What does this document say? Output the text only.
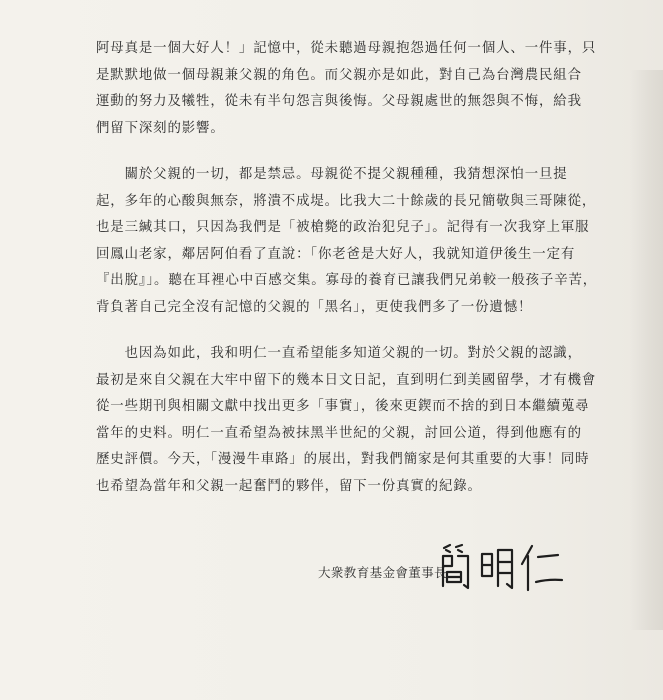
阿母真是一個大好人！」記憶中，從未聽過母親抱怨過任何一個人、一件事，只
是默默地做一個母親兼父親的角色。而父親亦是如此，對自己為台灣農民組合
運動的努力及犧牲，從未有半句怨言與後悔。父母親處世的無怨與不悔，給我
們留下深刻的影響。
　　關於父親的一切，都是禁忌。母親從不提父親種種，我猜想深怕一旦提
起，多年的心酸與無奈，將潰不成堤。比我大二十餘歲的長兄簡敬與三哥陳從，
也是三緘其口，只因為我們是「被槍斃的政治犯兒子」。記得有一次我穿上軍服
回鳳山老家，鄰居阿伯看了直說：「你老爸是大好人，我就知道伊後生一定有
『出脫』」。聽在耳裡心中百感交集。寡母的養育已讓我們兄弟較一般孩子辛苦，
背負著自己完全沒有記憶的父親的「黑名」，更使我們多了一份遺憾！
　　也因為如此，我和明仁一直希望能多知道父親的一切。對於父親的認識，
最初是來自父親在大牢中留下的幾本日文日記，直到明仁到美國留學，才有機會
從一些期刊與相關文獻中找出更多「事實」，後來更鍥而不捨的到日本繼續蒐尋
當年的史料。明仁一直希望為被抹黑半世紀的父親，討回公道，得到他應有的
歷史評價。今天，「漫漫牛車路」的展出，對我們簡家是何其重要的大事！同時
也希望為當年和父親一起奮鬥的夥伴，留下一份真實的紀錄。
大衆教育基金會董事長
